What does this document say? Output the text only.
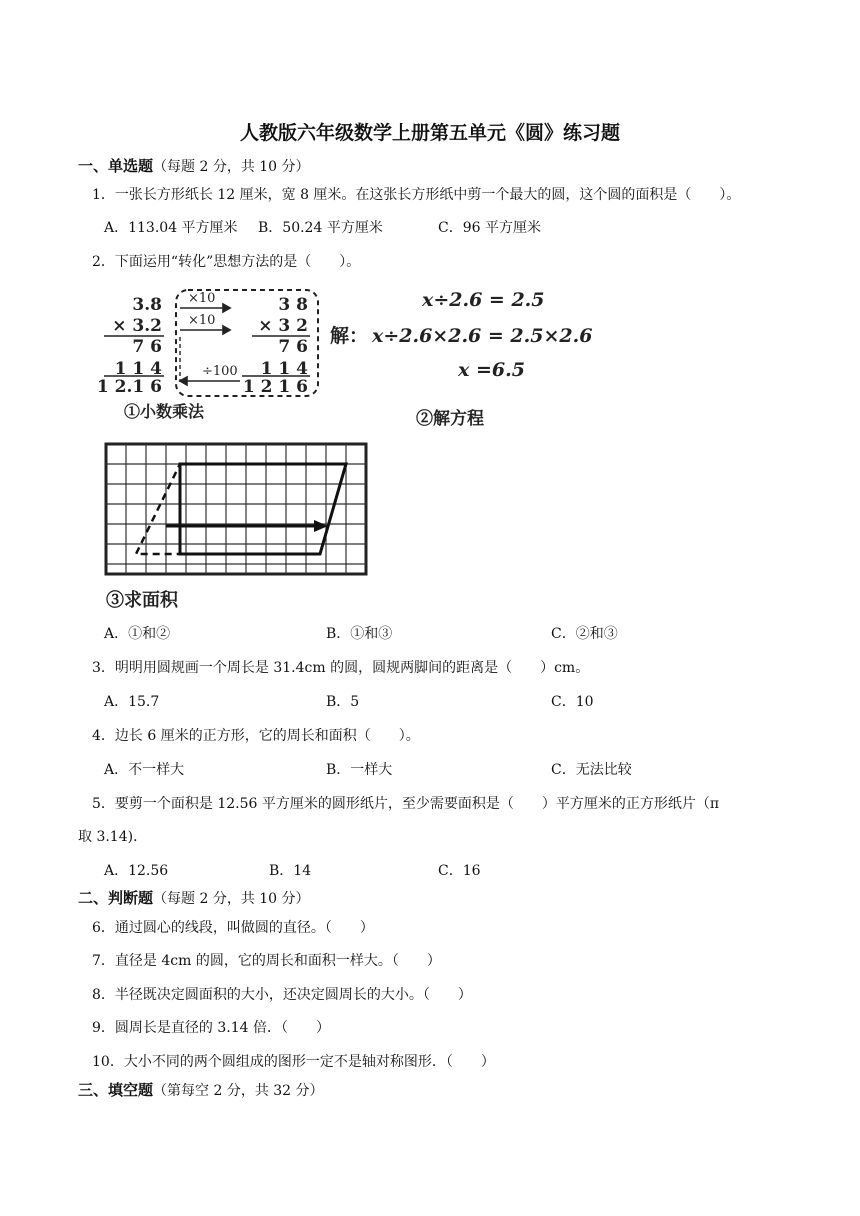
人教版六年级数学上册第五单元《圆》练习题
一、单选题（每题 2 分，共 10 分）
1．一张长方形纸长 12 厘米，宽 8 厘米。在这张长方形纸中剪一个最大的圆，这个圆的面积是（　　）。
A．113.04 平方厘米 B．50.24 平方厘米	C．96 平方厘米
2．下面运用“转化”思想方法的是（　　）。
3.8
× 3.2
7 6
1 1 4
1 2.1 6
×10
×10
÷100
3 8
× 3 2
7 6
1 1 4
1 2 1 6
①小数乘法
x÷2.6 = 2.5
解： x÷2.6×2.6 = 2.5×2.6
x =6.5
②解方程
③求面积
A．①和②	B．①和③	C．②和③
3．明明用圆规画一个周长是 31.4cm 的圆，圆规两脚间的距离是（　　）cm。
A．15.7	B．5	C．10
4．边长 6 厘米的正方形，它的周长和面积（　　）。
A．不一样大	B．一样大	C．无法比较
5．要剪一个面积是 12.56 平方厘米的圆形纸片，至少需要面积是（　　）平方厘米的正方形纸片（π
取 3.14)．
A．12.56	B．14	C．16
二、判断题（每题 2 分，共 10 分）
6．通过圆心的线段，叫做圆的直径。（　　）
7．直径是 4cm 的圆，它的周长和面积一样大。（　　）
8．半径既决定圆面积的大小，还决定圆周长的大小。（　　）
9．圆周长是直径的 3.14 倍．（　　）
10．大小不同的两个圆组成的图形一定不是轴对称图形．（　　）
三、填空题（第每空 2 分，共 32 分）
